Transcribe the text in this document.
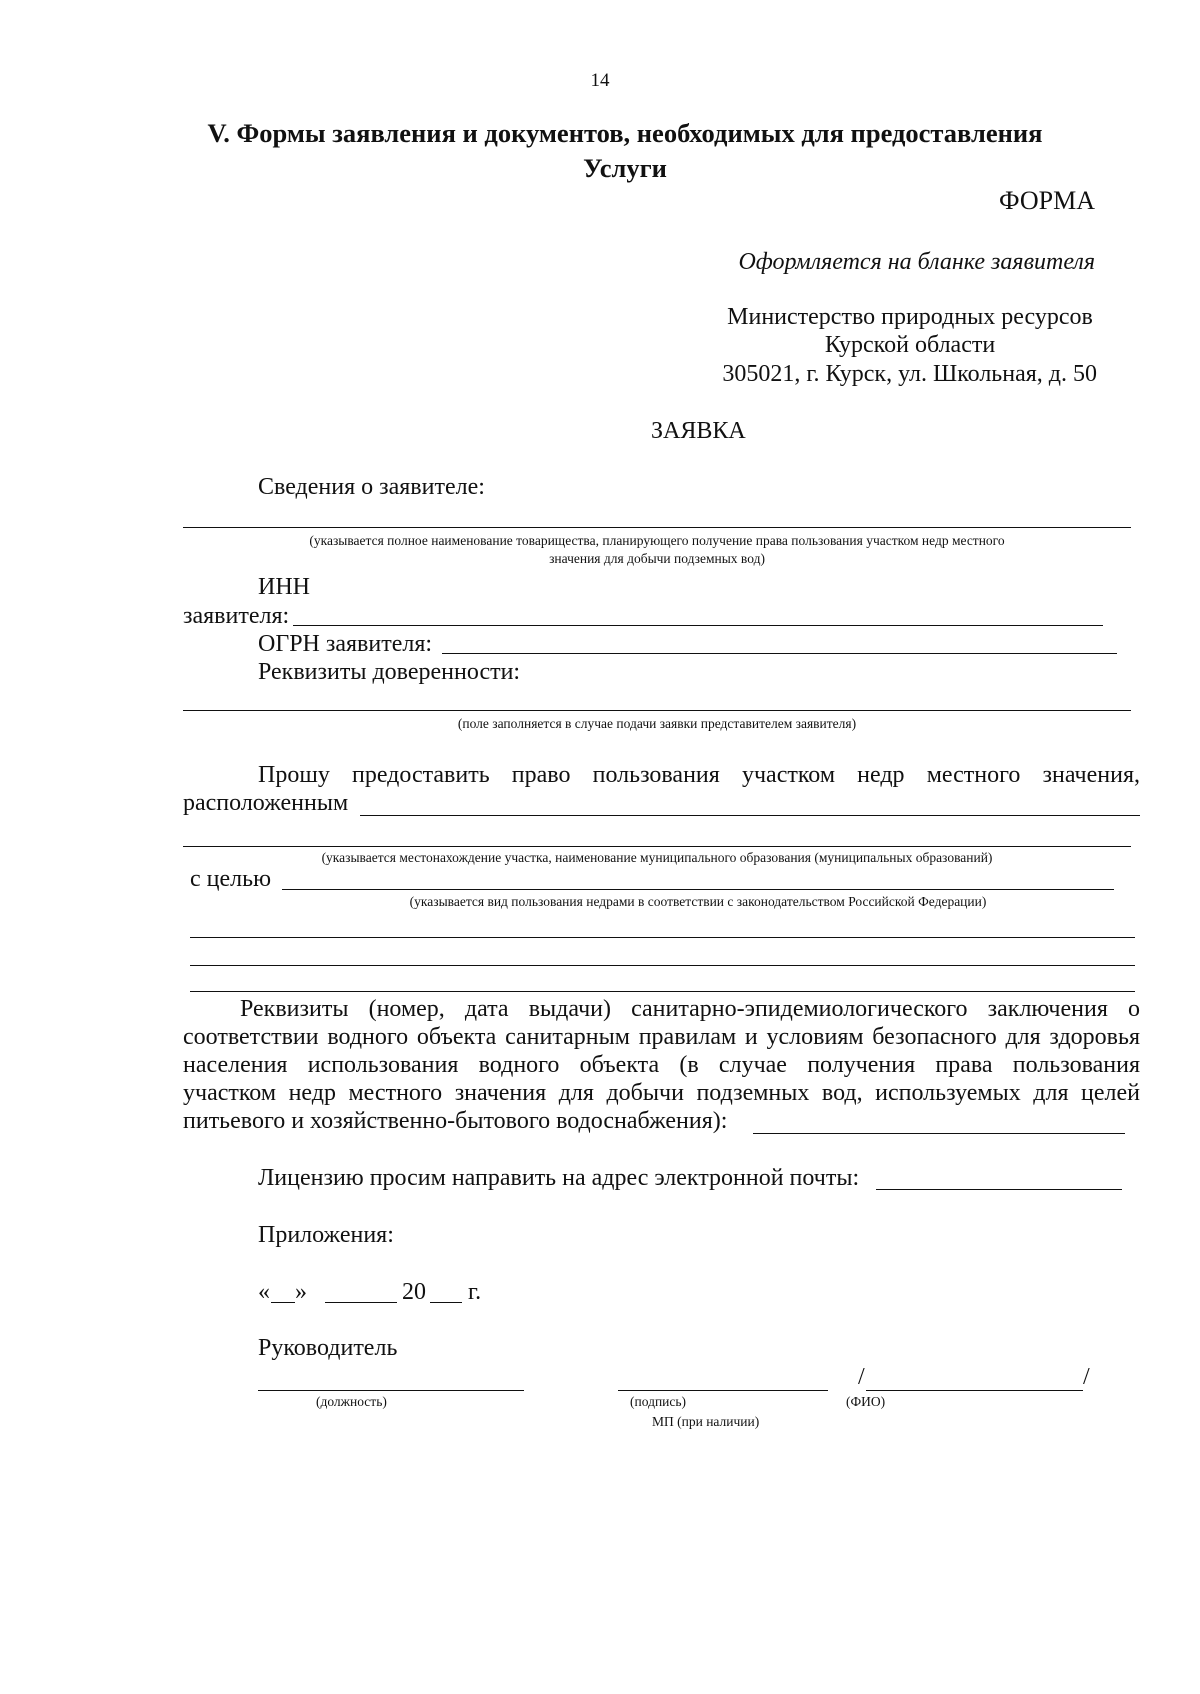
14
V. Формы заявления и документов, необходимых для предоставления
Услуги
ФОРМА
Оформляется на бланке заявителя
Министерство природных ресурсов
Курской области
305021, г. Курск, ул. Школьная, д. 50
ЗАЯВКА
Сведения о заявителе:
(указывается полное наименование товарищества, планирующего получение права пользования участком недр местного
значения для добычи подземных вод)
ИНН
заявителя:
ОГРН заявителя:
Реквизиты доверенности:
(поле заполняется в случае подачи заявки представителем заявителя)
Прошу предоставить право пользования участком недр местного значения,
расположенным
(указывается местонахождение участка, наименование муниципального образования (муниципальных образований)
с целью
(указывается вид пользования недрами в соответствии с законодательством Российской Федерации)
Реквизиты (номер, дата выдачи) санитарно-эпидемиологического заключения о
соответствии водного объекта санитарным правилам и условиям безопасного для здоровья
населения использования водного объекта (в случае получения права пользования
участком недр местного значения для добычи подземных вод, используемых для целей
питьевого и хозяйственно-бытового водоснабжения):
Лицензию просим направить на адрес электронной почты:
Приложения:
« »	20 г.
Руководитель
(должность)	(подпись)
МП (при наличии)
/	/
(ФИО)
